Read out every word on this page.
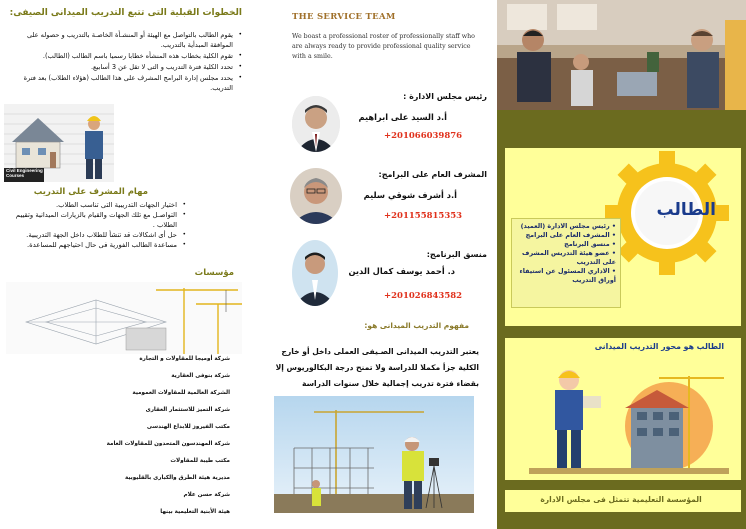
الخطوات القبلية التى تتبع التدريب الميدانى الصيفى:
•
يقوم الطالب بالتواصل مع الهيئة أو المنشـأة الخاصـة بالتدريب و حصوله على الموافقة المبدأية بالتدريب.
•
تقوم الكلية بخطاب هذه المنشأه خطابا رسميا باسم الطالب (الطالب).
•
تحدد الكلية فترة التدريب و التى لا تقل عن 3 أسابيع.
•
يحدد مجلس إدارة البرامج المشرف على هذا الطالب (هؤلاء الطلاب) بعد فترة التدريب.
Civil Engineering Courses
مهام المشرف على التدريب
•
اختيار الجهات التدريبية التى تناسب الطلاب.
•
التواصـل مع تلك الجهات والقيام بالزيارات الميدانية وتقييم الطلاب .
•
حل أى اشكالات قد تنشأ للطلاب داخل الجهة التدريبية.
•
مساعدة الطالب الفورية فى حال احتياجهم للمساعدة.
مؤسسات
شركة أوميجا للمقاولات و التجارة
شركة بنوفى العقارية
الشركة العالمية للمقاولات العمومية
شركة التميز للاستثمار العقارى
مكتب الفيروز للابداع الهندسى
شركة المهندسون المتحدون للمقاولات العامة
مكتب طيبة للمقاولات
مديرية هيئة الطرق والكبارى بالقليوبية
شركة حسن علام
هيئة الأبنية التعليمية بينها
THE SERVICE TEAM
We boast a professional roster of professionally staff who are always ready to provide professional quality service with a smile.
رئيس مجلس الادارة :
أ.د السيد على ابراهيم
+201066039876
المشرف العام على البرامج:
أ.د أشرف شوقي سليم
+201155815353
منسق البرنامج:
د. أحمد يوسف كمال الدين
+201026843582
مفهوم التدريب الميدانى هو:
يعتبر التدريب الميدانى الصـيفى العملى داخل أو خارج الكلية جزأ مكملا للدراسة ولا تمنح درجة البكالوريوس إلا بقضاء فترة تدريب إجمالية خلال سنوات الدراسة
الطالب
• رئيس مجلس الادارة (العميد)
• المشرف العام على البرامج
• منسق البرنامج
• عضو هيئة التدريس المشرف على التدريب
• الاداري المسئول عن استيفاء أوراق التدريب
الطالب هو محور التدريب الميدانى
المؤسسة التعليمية تتمثل فى مجلس الادارة
